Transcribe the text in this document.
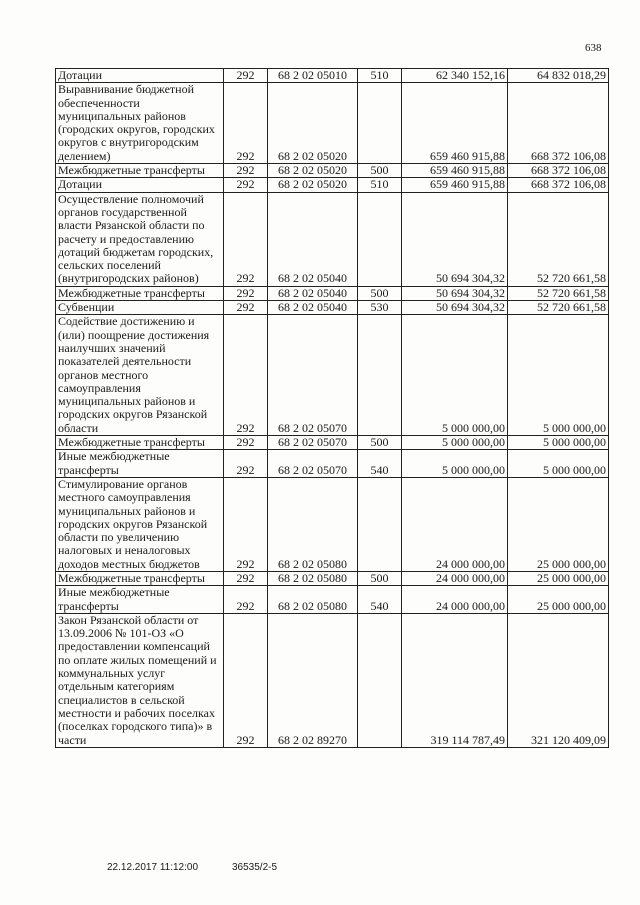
638
Дотации	292	68 2 02 05010	510	62 340 152,16	64 832 018,29
Выравнивание бюджетной обеспеченности муниципальных районов (городских округов, городских округов с внутригородским делением)	292	68 2 02 05020		659 460 915,88	668 372 106,08
Межбюджетные трансферты	292	68 2 02 05020	500	659 460 915,88	668 372 106,08
Дотации	292	68 2 02 05020	510	659 460 915,88	668 372 106,08
Осуществление полномочий органов государственной власти Рязанской области по расчету и предоставлению дотаций бюджетам городских, сельских поселений (внутригородских районов)	292	68 2 02 05040		50 694 304,32	52 720 661,58
Межбюджетные трансферты	292	68 2 02 05040	500	50 694 304,32	52 720 661,58
Субвенции	292	68 2 02 05040	530	50 694 304,32	52 720 661,58
Содействие достижению и (или) поощрение достижения наилучших значений показателей деятельности органов местного самоуправления муниципальных районов и городских округов Рязанской области	292	68 2 02 05070		5 000 000,00	5 000 000,00
Межбюджетные трансферты	292	68 2 02 05070	500	5 000 000,00	5 000 000,00
Иные межбюджетные трансферты	292	68 2 02 05070	540	5 000 000,00	5 000 000,00
Стимулирование органов местного самоуправления муниципальных районов и городских округов Рязанской области по увеличению налоговых и неналоговых доходов местных бюджетов	292	68 2 02 05080		24 000 000,00	25 000 000,00
Межбюджетные трансферты	292	68 2 02 05080	500	24 000 000,00	25 000 000,00
Иные межбюджетные трансферты	292	68 2 02 05080	540	24 000 000,00	25 000 000,00
Закон Рязанской области от 13.09.2006 № 101-ОЗ «О предоставлении компенсаций по оплате жилых помещений и коммунальных услуг отдельным категориям специалистов в сельской местности и рабочих поселках (поселках городского типа)» в части	292	68 2 02 89270		319 114 787,49	321 120 409,09
22.12.2017 11:12:00	36535/2-5
